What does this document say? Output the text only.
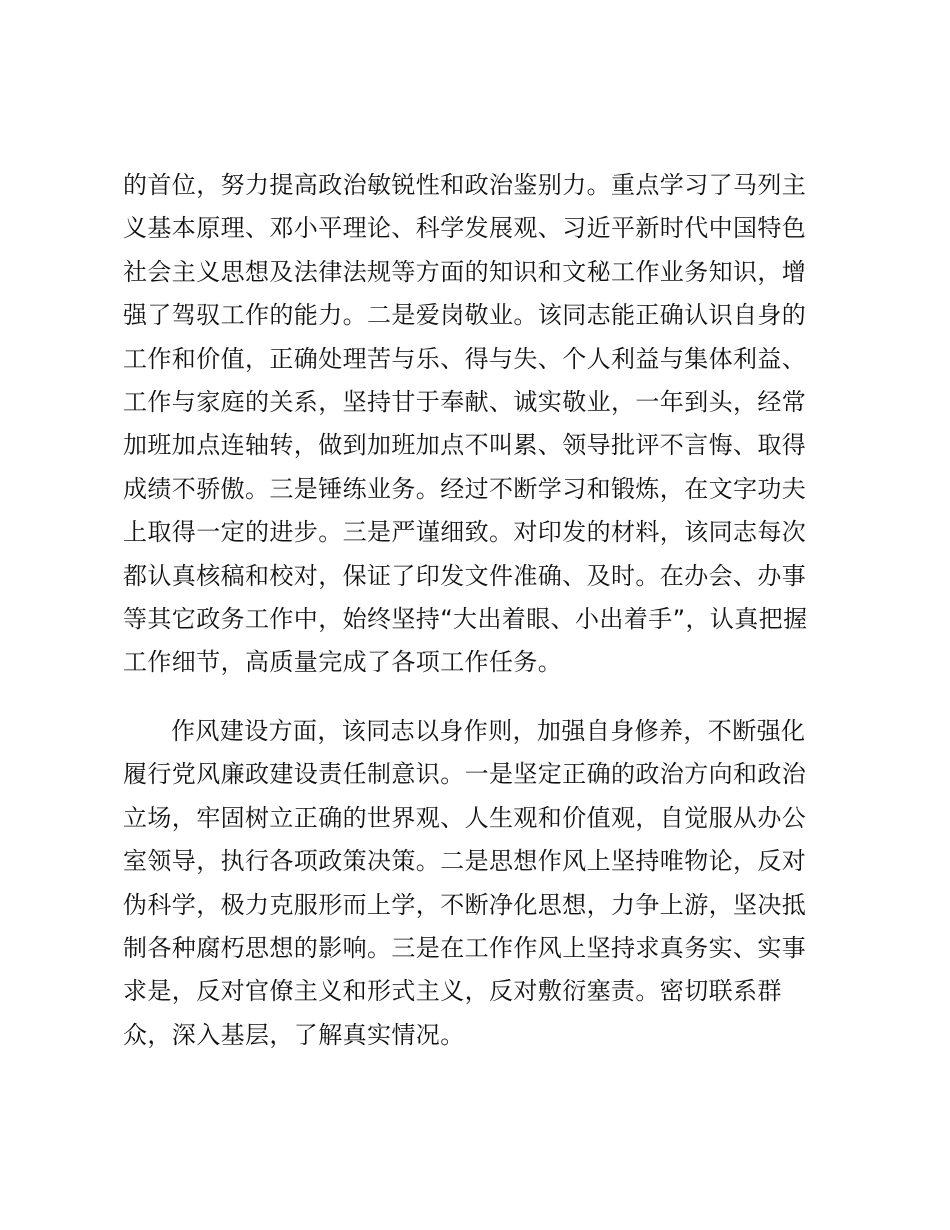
的首位，努力提高政治敏锐性和政治鉴别力。重点学习了马列主
义基本原理、邓小平理论、科学发展观、习近平新时代中国特色
社会主义思想及法律法规等方面的知识和文秘工作业务知识，增
强了驾驭工作的能力。二是爱岗敬业。该同志能正确认识自身的
工作和价值，正确处理苦与乐、得与失、个人利益与集体利益、
工作与家庭的关系，坚持甘于奉献、诚实敬业，一年到头，经常
加班加点连轴转，做到加班加点不叫累、领导批评不言悔、取得
成绩不骄傲。三是锤练业务。经过不断学习和锻炼，在文字功夫
上取得一定的进步。三是严谨细致。对印发的材料，该同志每次
都认真核稿和校对，保证了印发文件准确、及时。在办会、办事
等其它政务工作中，始终坚持“大出着眼、小出着手”，认真把握
工作细节，高质量完成了各项工作任务。
作风建设方面，该同志以身作则，加强自身修养，不断强化
履行党风廉政建设责任制意识。一是坚定正确的政治方向和政治
立场，牢固树立正确的世界观、人生观和价值观，自觉服从办公
室领导，执行各项政策决策。二是思想作风上坚持唯物论，反对
伪科学，极力克服形而上学，不断净化思想，力争上游，坚决抵
制各种腐朽思想的影响。三是在工作作风上坚持求真务实、实事
求是，反对官僚主义和形式主义，反对敷衍塞责。密切联系群
众，深入基层，了解真实情况。
